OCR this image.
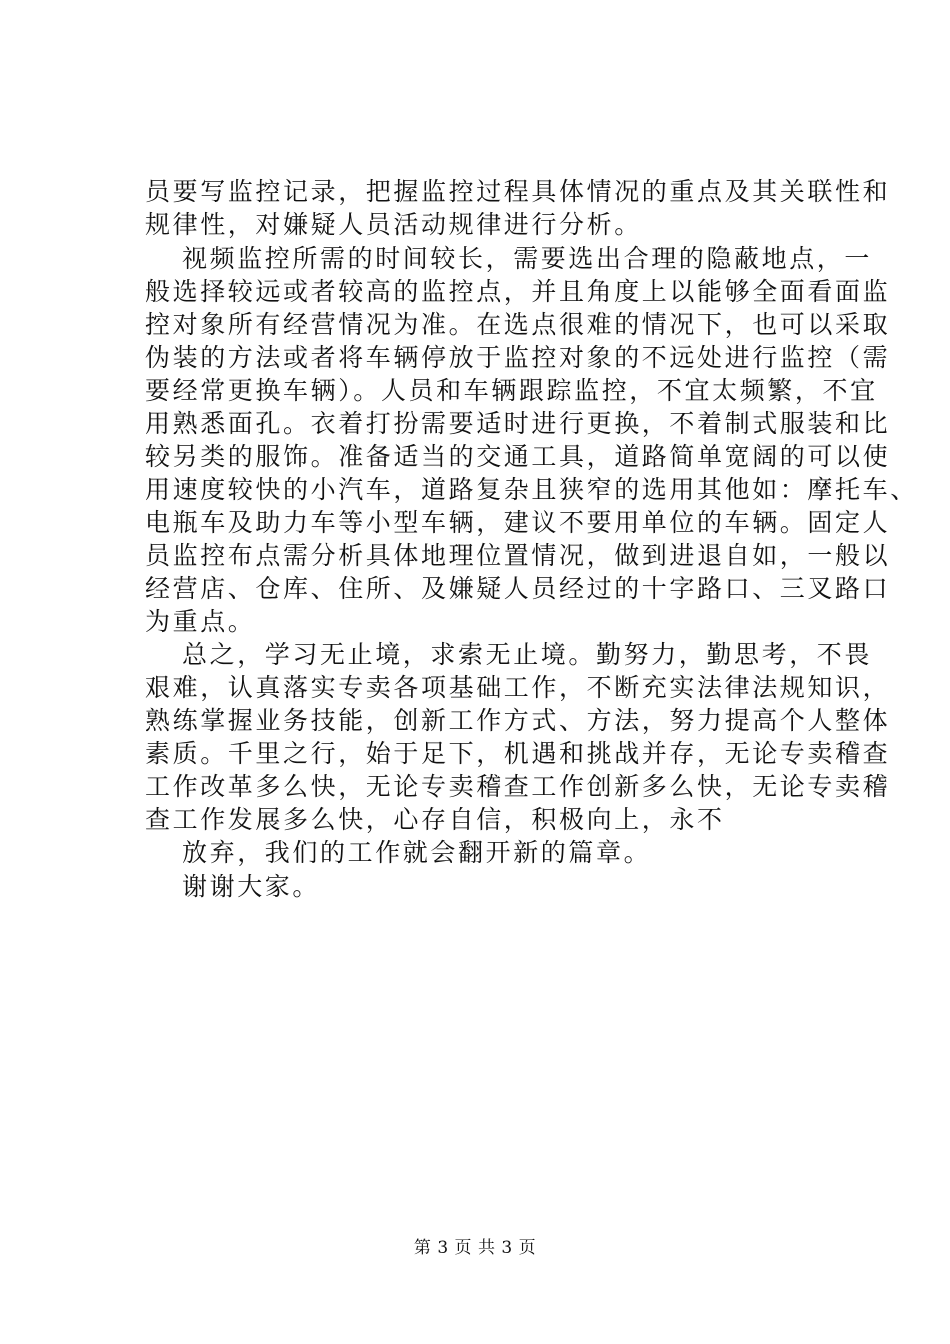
员要写监控记录，把握监控过程具体情况的重点及其关联性和
规律性，对嫌疑人员活动规律进行分析。
视频监控所需的时间较长，需要选出合理的隐蔽地点，一
般选择较远或者较高的监控点，并且角度上以能够全面看面监
控对象所有经营情况为准。在选点很难的情况下，也可以采取
伪装的方法或者将车辆停放于监控对象的不远处进行监控（需
要经常更换车辆）。人员和车辆跟踪监控，不宜太频繁，不宜
用熟悉面孔。衣着打扮需要适时进行更换，不着制式服装和比
较另类的服饰。准备适当的交通工具，道路简单宽阔的可以使
用速度较快的小汽车，道路复杂且狭窄的选用其他如：摩托车、
电瓶车及助力车等小型车辆，建议不要用单位的车辆。固定人
员监控布点需分析具体地理位置情况，做到进退自如，一般以
经营店、仓库、住所、及嫌疑人员经过的十字路口、三叉路口
为重点。
总之，学习无止境，求索无止境。勤努力，勤思考，不畏
艰难，认真落实专卖各项基础工作，不断充实法律法规知识，
熟练掌握业务技能，创新工作方式、方法，努力提高个人整体
素质。千里之行，始于足下，机遇和挑战并存，无论专卖稽查
工作改革多么快，无论专卖稽查工作创新多么快，无论专卖稽
查工作发展多么快，心存自信，积极向上，永不
放弃，我们的工作就会翻开新的篇章。
谢谢大家。
第 3 页 共 3 页
